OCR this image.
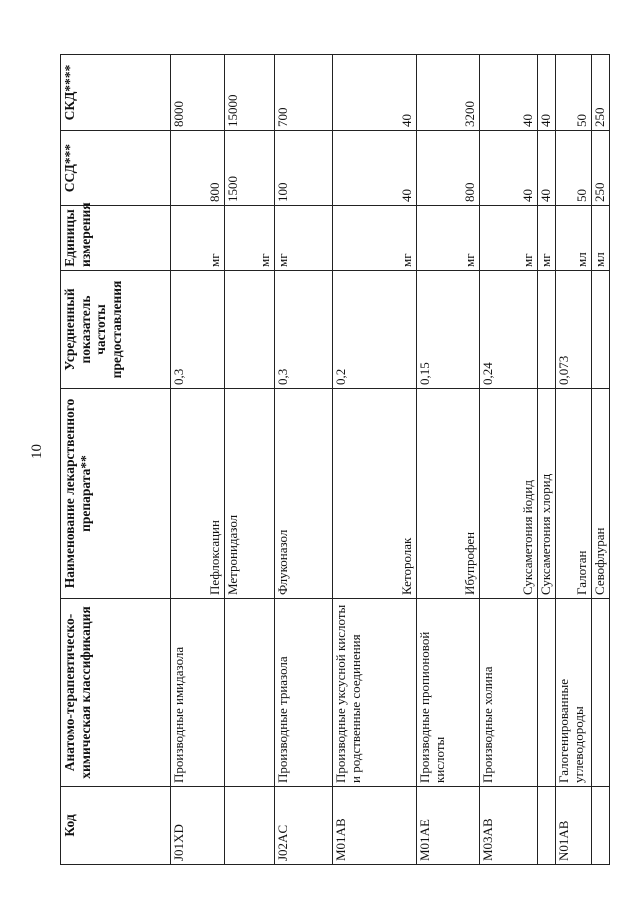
10
Код	Анатомо-терапевтическо-химическая классификация	Наименование лекарственного препарата**	Усредненный показатель частоты предоставления	Единицы измерения	ССД***	СКД****
J01XD	Производные имидазола	Пефлоксацин	0,3	мг	800	8000
		Метронидазол		мг	1500	15000
J02AC	Производные триазола	Флуконазол	0,3	мг	100	700
M01AB	Производные уксусной кислоты и родственные соединения	Кеторолак	0,2	мг	40	40
M01AE	Производные пропионовой кислоты	Ибупрофен	0,15	мг	800	3200
M03AB	Производные холина	Суксаметония йодид	0,24	мг	40	40
		Суксаметония хлорид		мг	40	40
N01AB	Галогенированные углеводороды	Галотан	0,073	мл	50	50
		Севофлуран		мл	250	250
